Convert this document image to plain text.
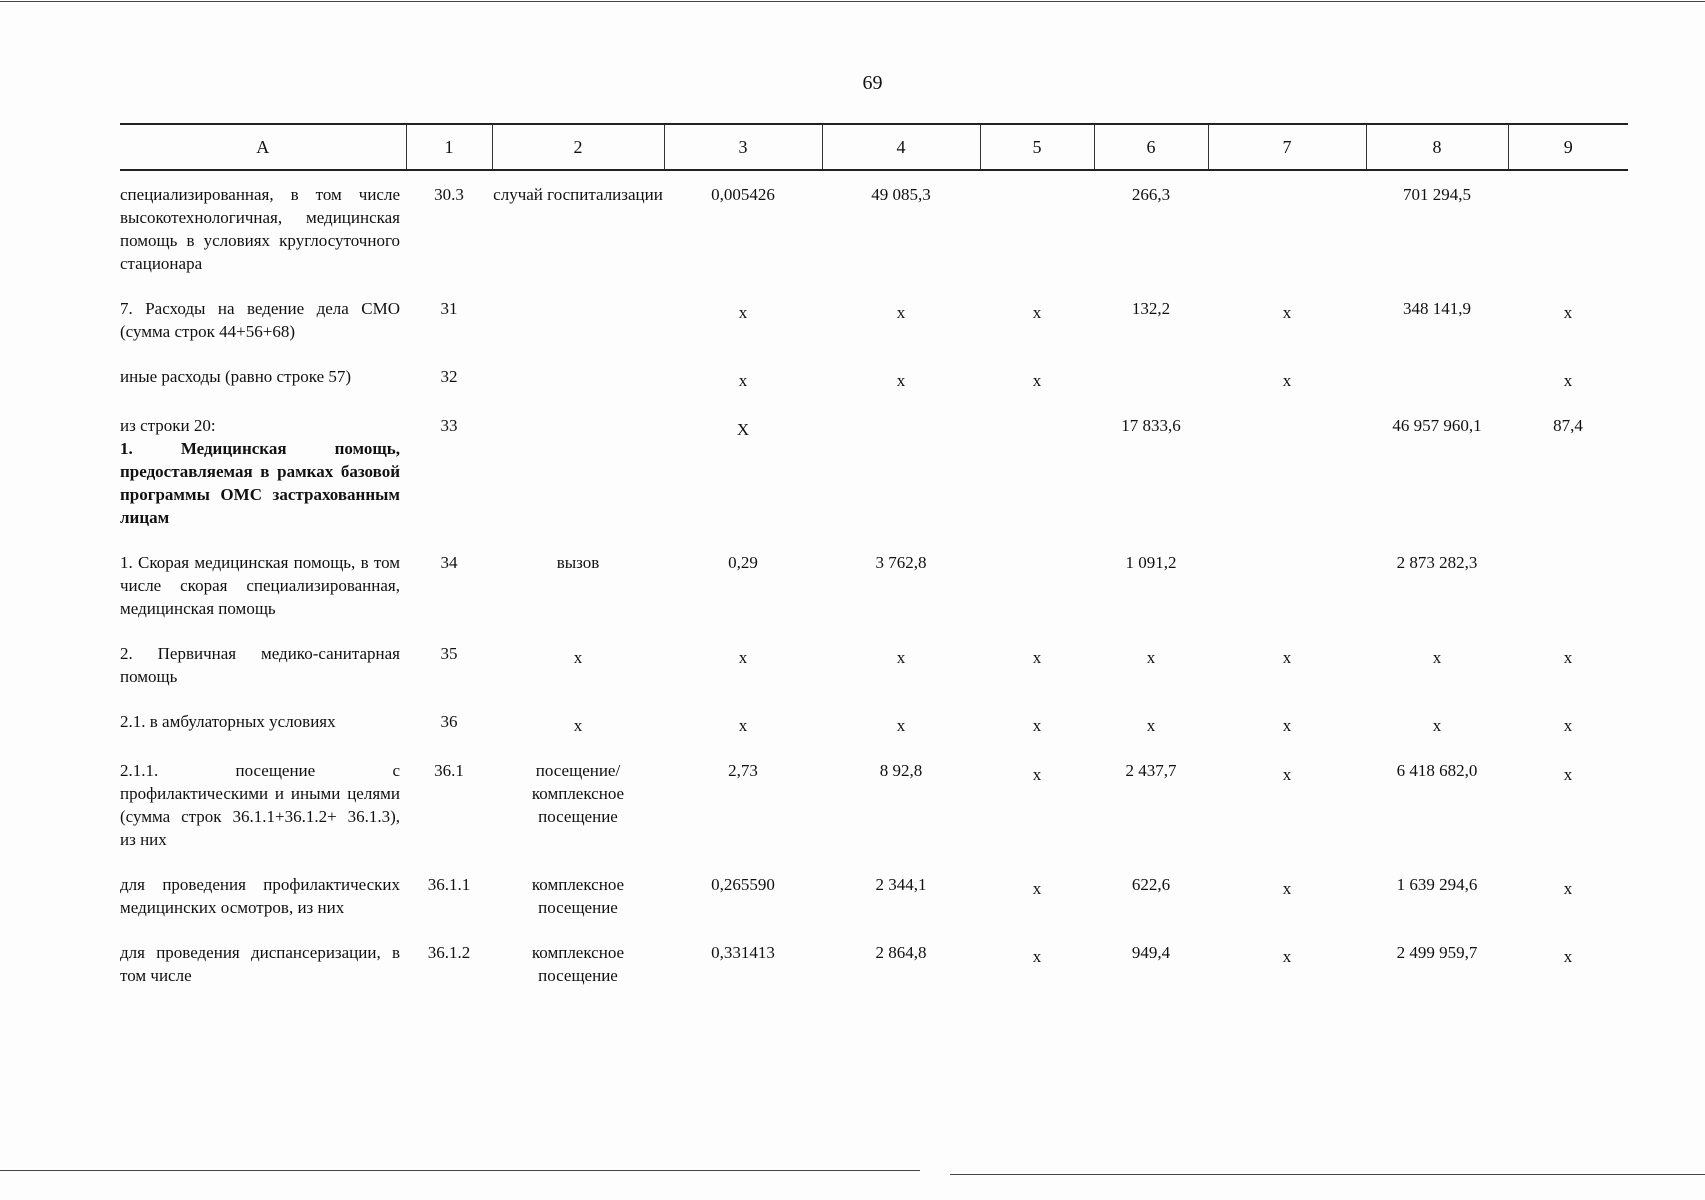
69
А	1	2	3	4	5	6	7	8	9

специализированная, в том числе высокотехнологичная, медицинская помощь в условиях круглосуточного стационара	30.3	случай госпитализации	0,005426	49 085,3		266,3		701 294,5	

7. Расходы на ведение дела СМО (сумма строк 44+56+68)	31		x	x	x	132,2	x	348 141,9	x

иные расходы (равно строке 57)	32		x	x	x		x		x

из строки 20:
1. Медицинская помощь, предоставляемая в рамках базовой программы ОМС застрахованным лицам	33		X			17 833,6		46 957 960,1	87,4

1. Скорая медицинская помощь, в том числе скорая специализированная, медицинская помощь	34	вызов	0,29	3 762,8		1 091,2		2 873 282,3	

2. Первичная медико-санитарная помощь	35	x	x	x	x	x	x	x	x

2.1. в амбулаторных условиях	36	x	x	x	x	x	x	x	x

2.1.1. посещение с профилактическими и иными целями (сумма строк 36.1.1+36.1.2+ 36.1.3), из них	36.1	посещение/ комплексное посещение	2,73	8 92,8	x	2 437,7	x	6 418 682,0	x

для проведения профилактических медицинских осмотров, из них	36.1.1	комплексное посещение	0,265590	2 344,1	x	622,6	x	1 639 294,6	x

для проведения диспансеризации, в том числе	36.1.2	комплексное посещение	0,331413	2 864,8	x	949,4	x	2 499 959,7	x
